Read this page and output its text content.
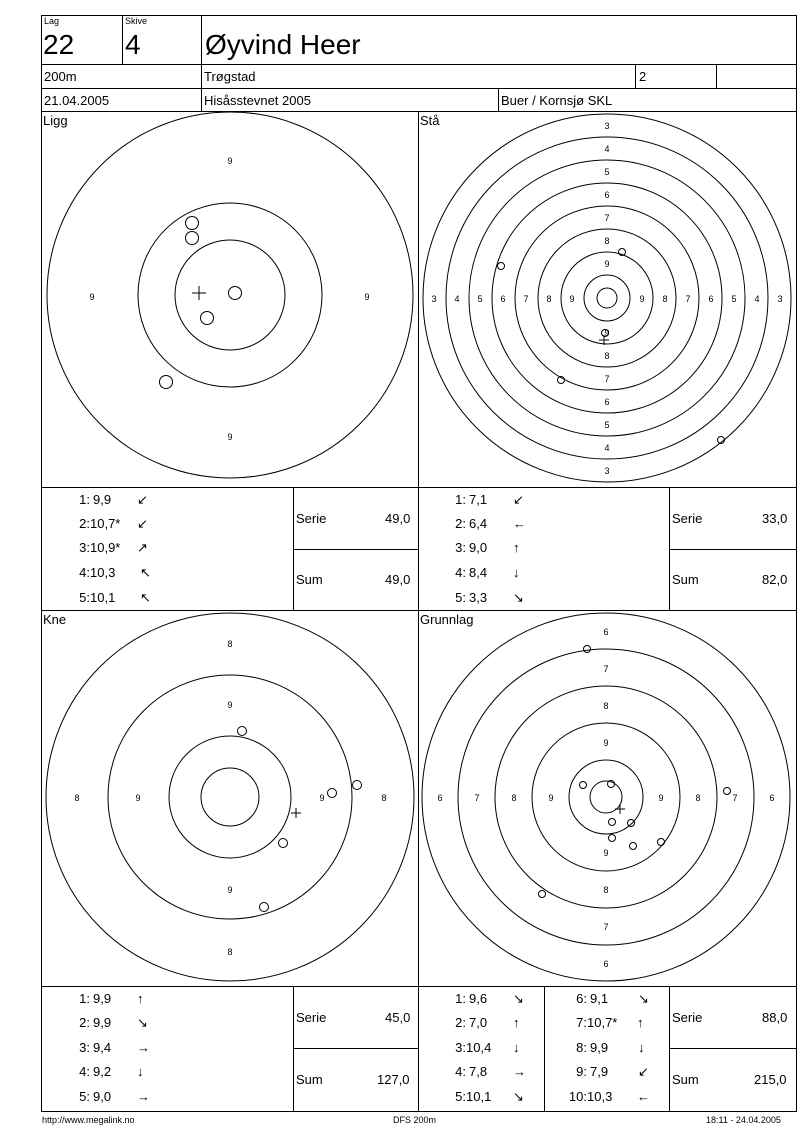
Lag
22
Skive
4 Øyvind Heer
200m	Trøgstad	2
21.04.2005	Hisåsstevnet 2005	Buer / Kornsjø SKL
Ligg
9
9
9	9
Stå	3
4
5
6
7
8
9
9
8
7
6
5
4
3
3 4 5 6 7 8 9	9 8 7 6 5 4 3
Kne
8
9
9
8
8	9	9	8
Grunnlag
6
7
8
9
9
8
7
6
6	7	8	9	9	8	7	6
1: 9,9 ↙
2:10,7* ↙
3:10,9* ↗
4:10,3 ↖
5:10,1 ↖
Serie	49,0
Sum	49,0
1: 7,1 ↙
2: 6,4 ←
3: 9,0 ↑
4: 8,4 ↓
5: 3,3 ↘
Serie	33,0
Sum	82,0
1: 9,9 ↑
2: 9,9 ↘
3: 9,4 →
4: 9,2 ↓
5: 9,0 →
Serie	45,0
Sum	127,0
1: 9,6 ↘
2: 7,0 ↑
3:10,4 ↓
4: 7,8 →
5:10,1 ↘
6: 9,1 ↘
7:10,7* ↑
8: 9,9 ↓
9: 7,9 ↙
10:10,3 ←
Serie	88,0
Sum	215,0
http://www.megalink.no	DFS 200m	18:11 - 24.04.2005
